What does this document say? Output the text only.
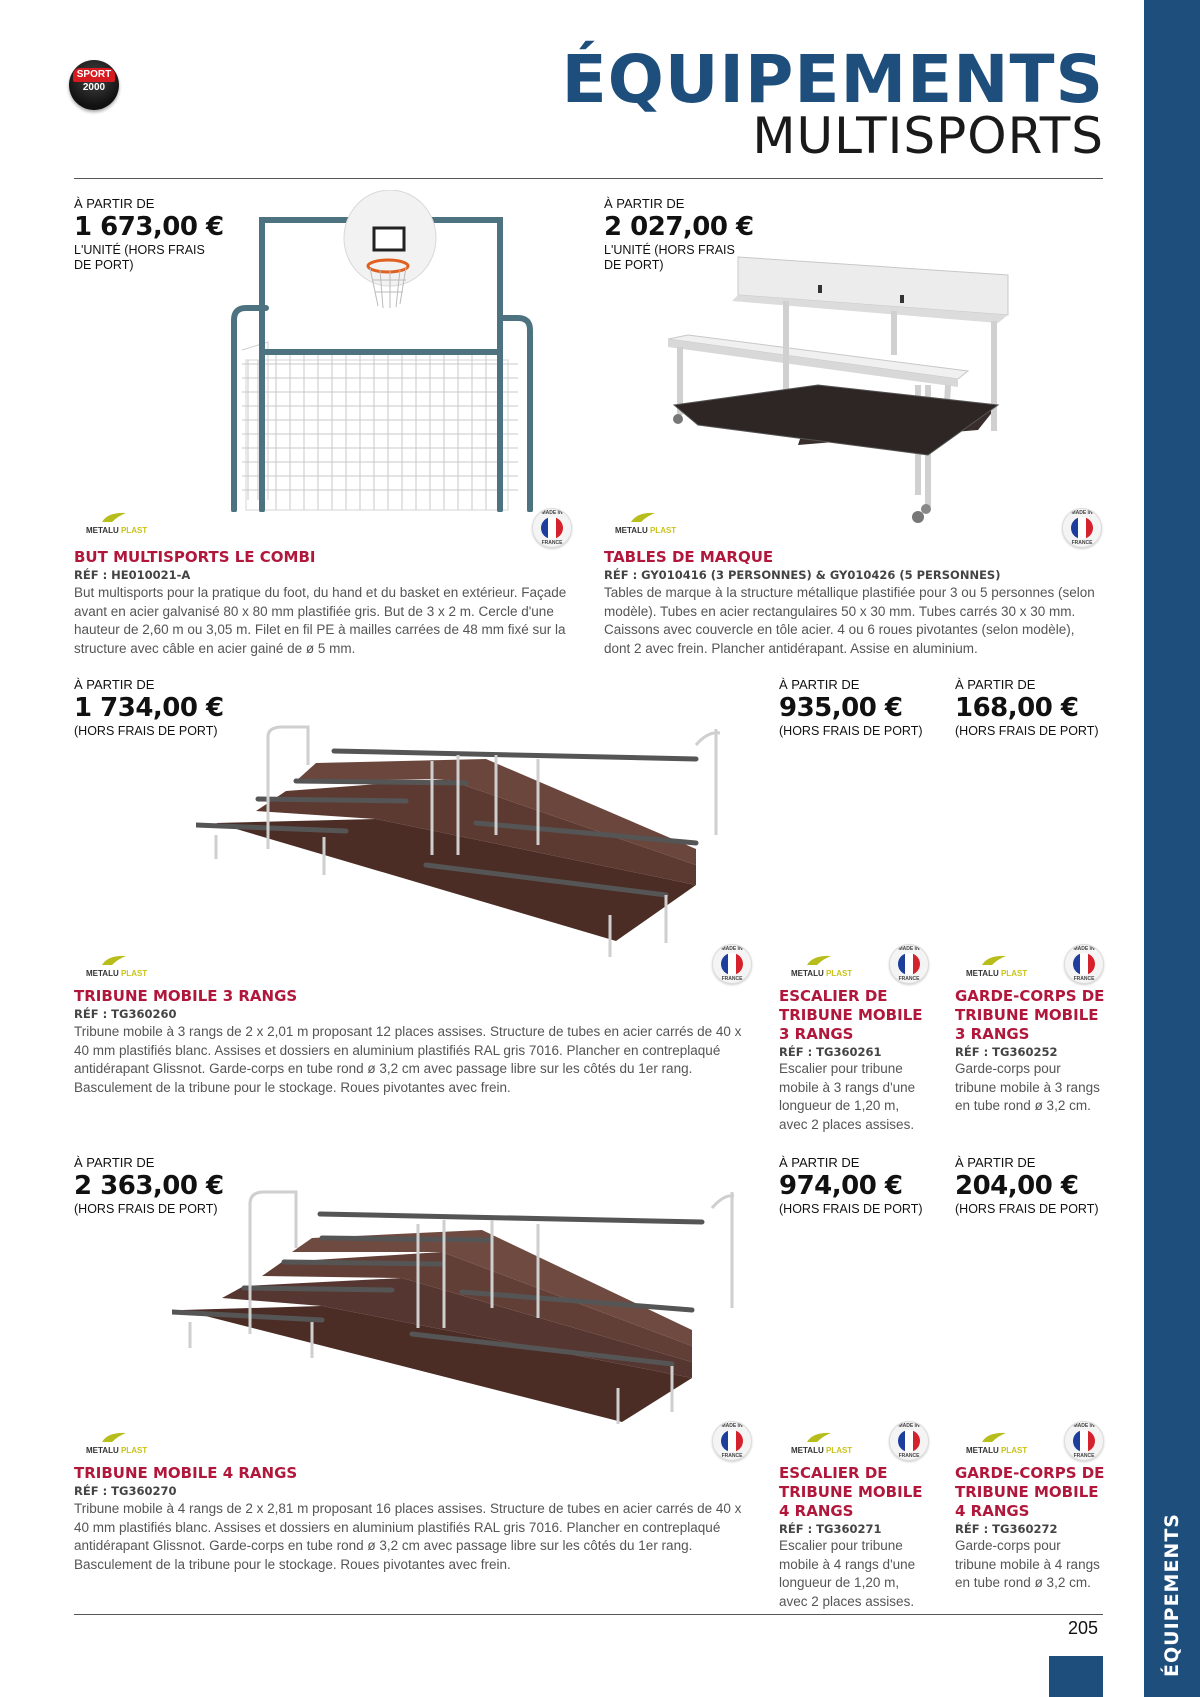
ÉQUIPEMENTS
SPORT
2000	ÉQUIPEMENTS
MULTISPORTS
À PARTIR DE
1 673,00 €
L'UNITÉ (HORS FRAIS DE PORT)
METALU PLAST
MADE IN
FRANCE
BUT MULTISPORTS LE COMBI
RÉF : HE010021-A
But multisports pour la pratique du foot, du hand et du basket en extérieur. Façade avant en acier galvanisé 80 x 80 mm plastifiée gris. But de 3 x 2 m. Cercle d'une hauteur de 2,60 m ou 3,05 m. Filet en fil PE à mailles carrées de 48 mm fixé sur la structure avec câble en acier gainé de ø 5 mm.
À PARTIR DE
2 027,00 €
L'UNITÉ (HORS FRAIS DE PORT)
METALU PLAST
MADE IN
FRANCE
TABLES DE MARQUE
RÉF : GY010416 (3 PERSONNES) & GY010426 (5 PERSONNES)
Tables de marque à la structure métallique plastifiée pour 3 ou 5 personnes (selon modèle). Tubes en acier rectangulaires 50 x 30 mm. Tubes carrés 30 x 30 mm. Caissons avec couvercle en tôle acier. 4 ou 6 roues pivotantes (selon modèle), dont 2 avec frein. Plancher antidérapant. Assise en aluminium.
À PARTIR DE
1 734,00 €
(HORS FRAIS DE PORT)
METALU PLAST
MADE IN
FRANCE
TRIBUNE MOBILE 3 RANGS
RÉF : TG360260
Tribune mobile à 3 rangs de 2 x 2,01 m proposant 12 places assises. Structure de tubes en acier carrés de 40 x 40 mm plastifiés blanc. Assises et dossiers en aluminium plastifiés RAL gris 7016. Plancher en contreplaqué antidérapant Glissnot. Garde-corps en tube rond ø 3,2 cm avec passage libre sur les côtés du 1er rang. Basculement de la tribune pour le stockage. Roues pivotantes avec frein.
À PARTIR DE
935,00 €
(HORS FRAIS DE PORT)
METALU PLAST
MADE IN
FRANCE
ESCALIER DE TRIBUNE MOBILE 3 RANGS
RÉF : TG360261
Escalier pour tribune mobile à 3 rangs d'une longueur de 1,20 m, avec 2 places assises.
À PARTIR DE
168,00 €
(HORS FRAIS DE PORT)
METALU PLAST
MADE IN
FRANCE
GARDE-CORPS DE TRIBUNE MOBILE 3 RANGS
RÉF : TG360252
Garde-corps pour tribune mobile à 3 rangs en tube rond ø 3,2 cm.
À PARTIR DE
2 363,00 €
(HORS FRAIS DE PORT)
METALU PLAST
MADE IN
FRANCE
TRIBUNE MOBILE 4 RANGS
RÉF : TG360270
Tribune mobile à 4 rangs de 2 x 2,81 m proposant 16 places assises. Structure de tubes en acier carrés de 40 x 40 mm plastifiés blanc. Assises et dossiers en aluminium plastifiés RAL gris 7016. Plancher en contreplaqué antidérapant Glissnot. Garde-corps en tube rond ø 3,2 cm avec passage libre sur les côtés du 1er rang. Basculement de la tribune pour le stockage. Roues pivotantes avec frein.
À PARTIR DE
974,00 €
(HORS FRAIS DE PORT)
METALU PLAST
MADE IN
FRANCE
ESCALIER DE TRIBUNE MOBILE 4 RANGS
RÉF : TG360271
Escalier pour tribune mobile à 4 rangs d'une longueur de 1,20 m, avec 2 places assises.
À PARTIR DE
204,00 €
(HORS FRAIS DE PORT)
METALU PLAST
MADE IN
FRANCE
GARDE-CORPS DE TRIBUNE MOBILE 4 RANGS
RÉF : TG360272
Garde-corps pour tribune mobile à 4 rangs en tube rond ø 3,2 cm.
205
